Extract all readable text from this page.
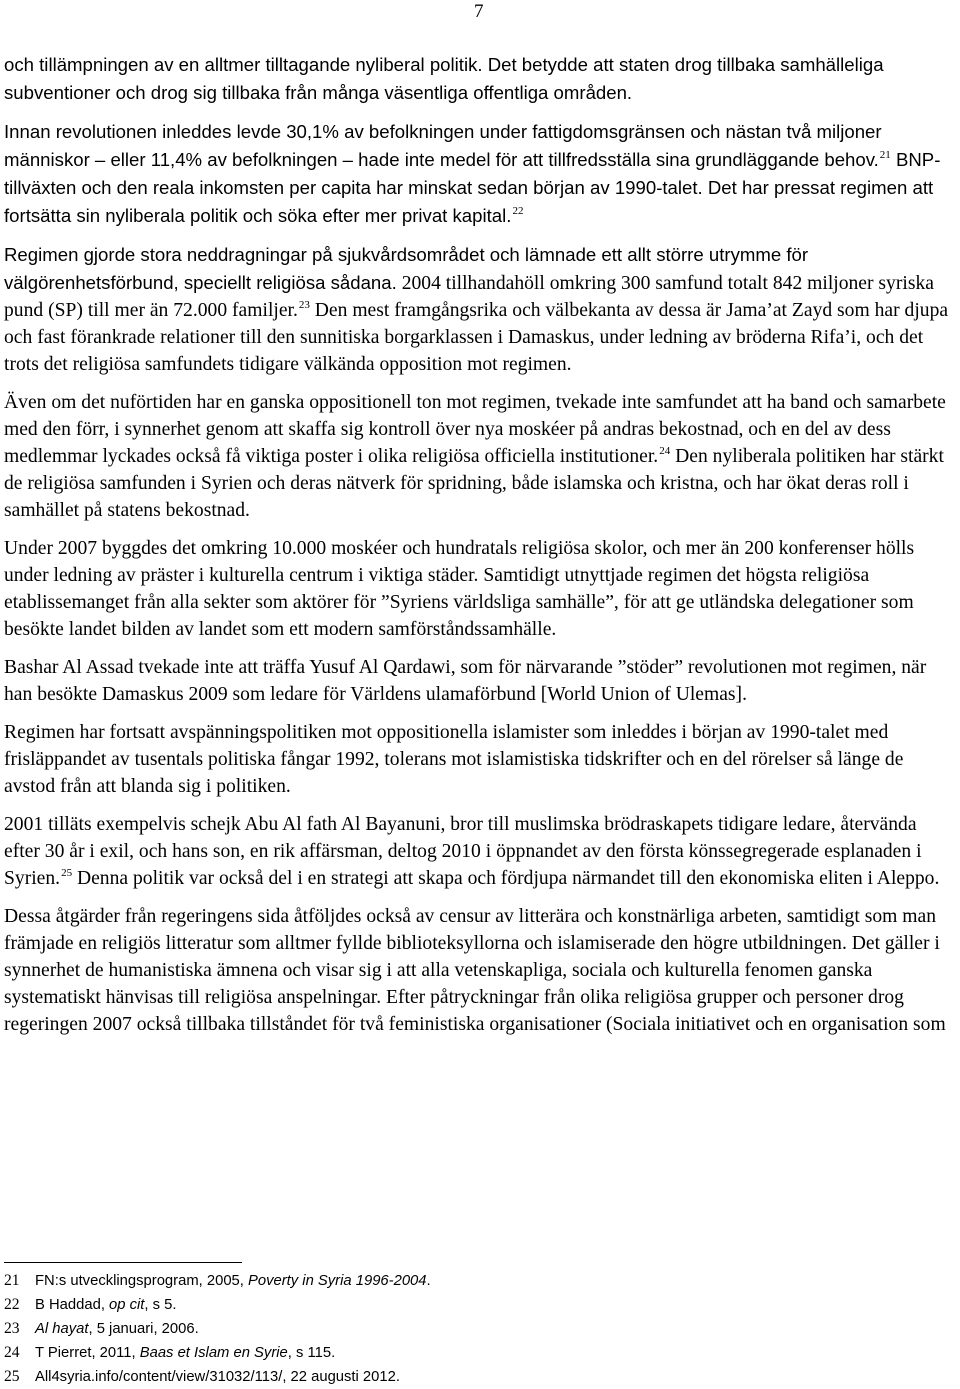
7

och tillämpningen av en alltmer tilltagande nyliberal politik. Det betydde att staten drog tillbaka samhälleliga subventioner och drog sig tillbaka från många väsentliga offentliga områden.

Innan revolutionen inleddes levde 30,1% av befolkningen under fattigdomsgränsen och nästan två miljoner människor – eller 11,4% av befolkningen – hade inte medel för att tillfredsställa sina grundläggande behov.$^{21}$ BNP-tillväxten och den reala inkomsten per capita har minskat sedan början av 1990-talet. Det har pressat regimen att fortsätta sin nyliberala politik och söka efter mer privat kapital.$^{22}$

Regimen gjorde stora neddragningar på sjukvårdsområdet och lämnade ett allt större utrymme för välgörenhetsförbund, speciellt religiösa sådana. 2004 tillhandahöll omkring 300 samfund totalt 842 miljoner syriska pund (SP) till mer än 72.000 familjer.$^{23}$ Den mest framgångsrika och välbekanta av dessa är Jama’at Zayd som har djupa och fast förankrade relationer till den sunnitiska borgarklassen i Damaskus, under ledning av bröderna Rifa’i, och det trots det religiösa samfundets tidigare välkända opposition mot regimen.

Även om det nuförtiden har en ganska oppositionell ton mot regimen, tvekade inte samfundet att ha band och samarbete med den förr, i synnerhet genom att skaffa sig kontroll över nya moskéer på andras bekostnad, och en del av dess medlemmar lyckades också få viktiga poster i olika religiösa officiella institutioner.$^{24}$ Den nyliberala politiken har stärkt de religiösa samfunden i Syrien och deras nätverk för spridning, både islamska och kristna, och har ökat deras roll i samhället på statens bekostnad.

Under 2007 byggdes det omkring 10.000 moskéer och hundratals religiösa skolor, och mer än 200 konferenser hölls under ledning av präster i kulturella centrum i viktiga städer. Samtidigt utnyttjade regimen det högsta religiösa etablissemanget från alla sekter som aktörer för ”Syriens världsliga samhälle”, för att ge utländska delegationer som besökte landet bilden av landet som ett modern samförståndssamhälle.

Bashar Al Assad tvekade inte att träffa Yusuf Al Qardawi, som för närvarande ”stöder” revolutionen mot regimen, när han besökte Damaskus 2009 som ledare för Världens ulamaförbund [World Union of Ulemas].

Regimen har fortsatt avspänningspolitiken mot oppositionella islamister som inleddes i början av 1990-talet med frisläppandet av tusentals politiska fångar 1992, tolerans mot islamistiska tidskrifter och en del rörelser så länge de avstod från att blanda sig i politiken.

2001 tilläts exempelvis schejk Abu Al fath Al Bayanuni, bror till muslimska brödraskapets tidigare ledare, återvända efter 30 år i exil, och hans son, en rik affärsman, deltog 2010 i öppnandet av den första könssegregerade esplanaden i Syrien.$^{25}$ Denna politik var också del i en strategi att skapa och fördjupa närmandet till den ekonomiska eliten i Aleppo.

Dessa åtgärder från regeringens sida åtföljdes också av censur av litterära och konstnärliga arbeten, samtidigt som man främjade en religiös litteratur som alltmer fyllde biblioteksyllorna och islamiserade den högre utbildningen. Det gäller i synnerhet de humanistiska ämnena och visar sig i att alla vetenskapliga, sociala och kulturella fenomen ganska systematiskt hänvisas till religiösa anspelningar. Efter påtryckningar från olika religiösa grupper och personer drog regeringen 2007 också tillbaka tillståndet för två feministiska organisationer (Sociala initiativet och en organisation som

21 FN:s utvecklingsprogram, 2005, Poverty in Syria 1996-2004.
22 B Haddad, op cit, s 5.
23 Al hayat, 5 januari, 2006.
24 T Pierret, 2011, Baas et Islam en Syrie, s 115.
25 All4syria.info/content/view/31032/113/, 22 augusti 2012.
